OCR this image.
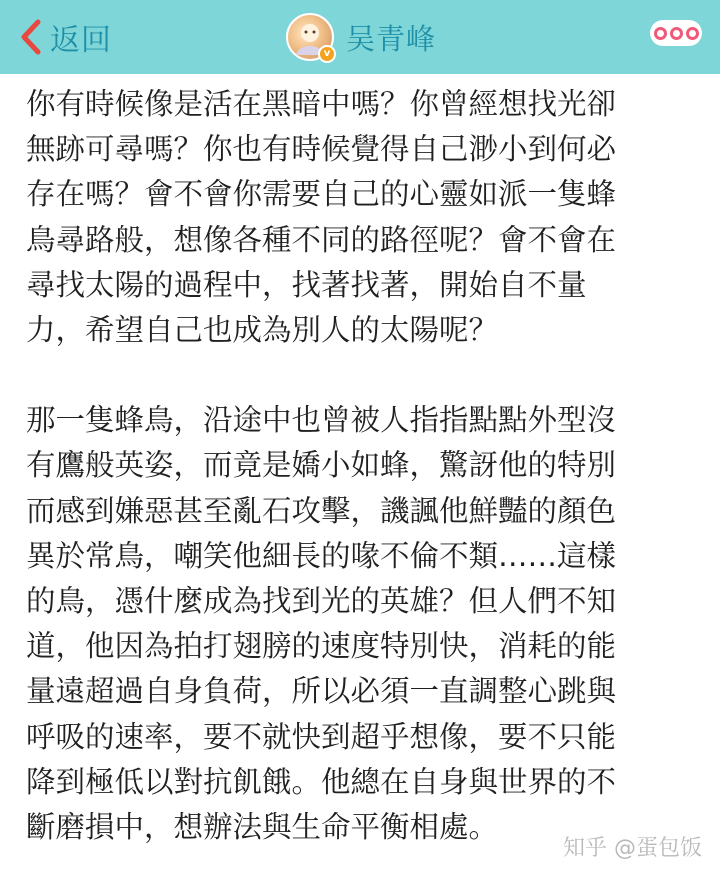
返回	v 吴青峰

你有時候像是活在黑暗中嗎？你曾經想找光卻
無跡可尋嗎？你也有時候覺得自己渺小到何必
存在嗎？會不會你需要自己的心靈如派一隻蜂
鳥尋路般，想像各種不同的路徑呢？會不會在
尋找太陽的過程中，找著找著，開始自不量
力，希望自己也成為別人的太陽呢？

那一隻蜂鳥，沿途中也曾被人指指點點外型沒
有鷹般英姿，而竟是嬌小如蜂，驚訝他的特別
而感到嫌惡甚至亂石攻擊，譏諷他鮮豔的顏色
異於常鳥，嘲笑他細長的喙不倫不類……這樣
的鳥，憑什麼成為找到光的英雄？但人們不知
道，他因為拍打翅膀的速度特別快，消耗的能
量遠超過自身負荷，所以必須一直調整心跳與
呼吸的速率，要不就快到超乎想像，要不只能
降到極低以對抗飢餓。他總在自身與世界的不
斷磨損中，想辦法與生命平衡相處。

知乎 @蛋包饭
